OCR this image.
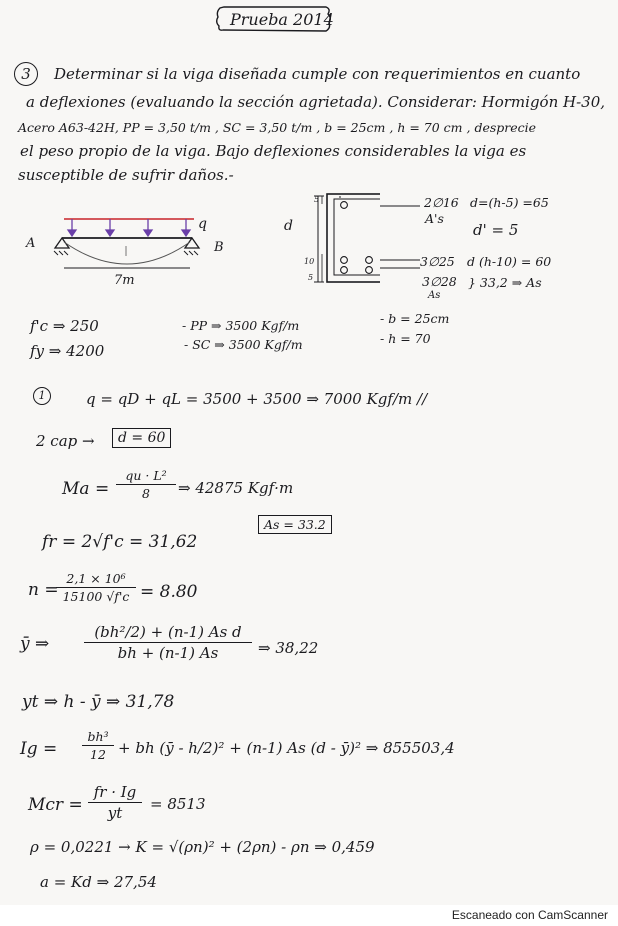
Prueba 2014
3	Determinar si la viga diseñada cumple con requerimientos en cuanto
a deflexiones (evaluando la sección agrietada). Considerar: Hormigón H-30,
Acero A63-42H, PP = 3,50 t/m , SC = 3,50 t/m , b = 25cm , h = 70 cm , desprecie
el peso propio de la viga. Bajo deflexiones considerables la viga es
susceptible de sufrir daños.-
A	B
q
7m
d
5
10
5
2∅16 d=(h-5) =65
A's
d' = 5
3∅25 d (h-10) = 60
3∅28
As
} 33,2 ⇒ As
f'c ⇒ 250
fy ⇒ 4200
- PP ⇒ 3500 Kgf/m
- SC ⇒ 3500 Kgf/m
- b = 25cm
- h = 70
1	q = qD + qL = 3500 + 3500 ⇒ 7000 Kgf/m //
2 cap →	d = 60
$Ma = \frac{\text{qu · L²}}{8}$ ⇒ 42875 Kgf·m
As = 33.2
fr = 2√f'c = 31,62
n =
$\frac{\text{2,1 × 10⁶}}{15100 √f'c} = 8.80$
ȳ ⇒ $\frac{\text{(bh²/2) + (n-1) As d}}{bh + (n-1) As}$ ⇒ 38,22
yt ⇒ h - ȳ ⇒ 31,78
$Ig = \frac{\text{bh³}}{12}$ + bh (ȳ - h/2)² + (n-1) As (d - ȳ)² ⇒ 855503,4
Mcr = $\frac{fr \cdot Ig}{yt} = 8513$
ρ = 0,0221 → K = √(ρn)² + (2ρn) - ρn ⇒ 0,459
a = Kd ⇒ 27,54
Escaneado con CamScanner
